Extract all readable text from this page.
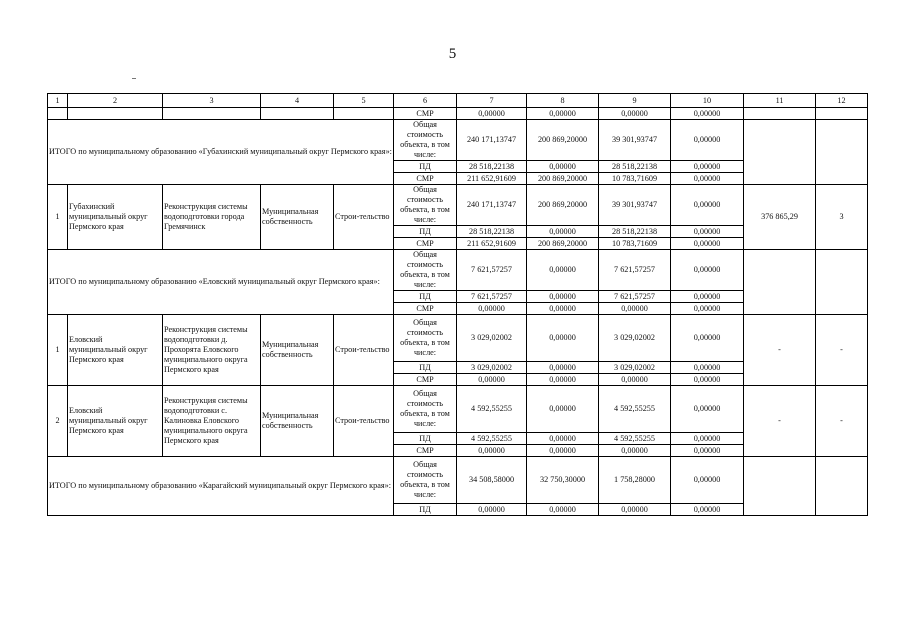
5
1	2	3	4	5	6	7	8	9	10	11	12
					СМР	0,00000	0,00000	0,00000	0,00000		
ИТОГО по муниципальному образованию «Губахинский муниципальный округ Пермского края»:					Общая стоимость объекта, в том числе:	240 171,13747	200 869,20000	39 301,93747	0,00000		
					ПД	28 518,22138	0,00000	28 518,22138	0,00000		
					СМР	211 652,91609	200 869,20000	10 783,71609	0,00000		
1	Губахинский муниципальный округ Пермского края	Реконструкция системы водоподготовки города Гремячинск	Муниципальная собственность	Строи-тельство	Общая стоимость объекта, в том числе:	240 171,13747	200 869,20000	39 301,93747	0,00000	376 865,29	3
					ПД	28 518,22138	0,00000	28 518,22138	0,00000		
					СМР	211 652,91609	200 869,20000	10 783,71609	0,00000		
ИТОГО по муниципальному образованию «Еловский муниципальный округ Пермского края»:					Общая стоимость объекта, в том числе:	7 621,57257	0,00000	7 621,57257	0,00000		
					ПД	7 621,57257	0,00000	7 621,57257	0,00000		
					СМР	0,00000	0,00000	0,00000	0,00000		
1	Еловский муниципальный округ Пермского края	Реконструкция системы водоподготовки д. Прохорята Еловского муниципального округа Пермского края	Муниципальная собственность	Строи-тельство	Общая стоимость объекта, в том числе:	3 029,02002	0,00000	3 029,02002	0,00000	-	-
					ПД	3 029,02002	0,00000	3 029,02002	0,00000		
					СМР	0,00000	0,00000	0,00000	0,00000		
2	Еловский муниципальный округ Пермского края	Реконструкция системы водоподготовки с. Калиновка Еловского муниципального округа Пермского края	Муниципальная собственность	Строи-тельство	Общая стоимость объекта, в том числе:	4 592,55255	0,00000	4 592,55255	0,00000	-	-
					ПД	4 592,55255	0,00000	4 592,55255	0,00000		
					СМР	0,00000	0,00000	0,00000	0,00000		
ИТОГО по муниципальному образованию «Карагайский муниципальный округ Пермского края»:					Общая стоимость объекта, в том числе:	34 508,58000	32 750,30000	1 758,28000	0,00000		
					ПД	0,00000	0,00000	0,00000	0,00000		
